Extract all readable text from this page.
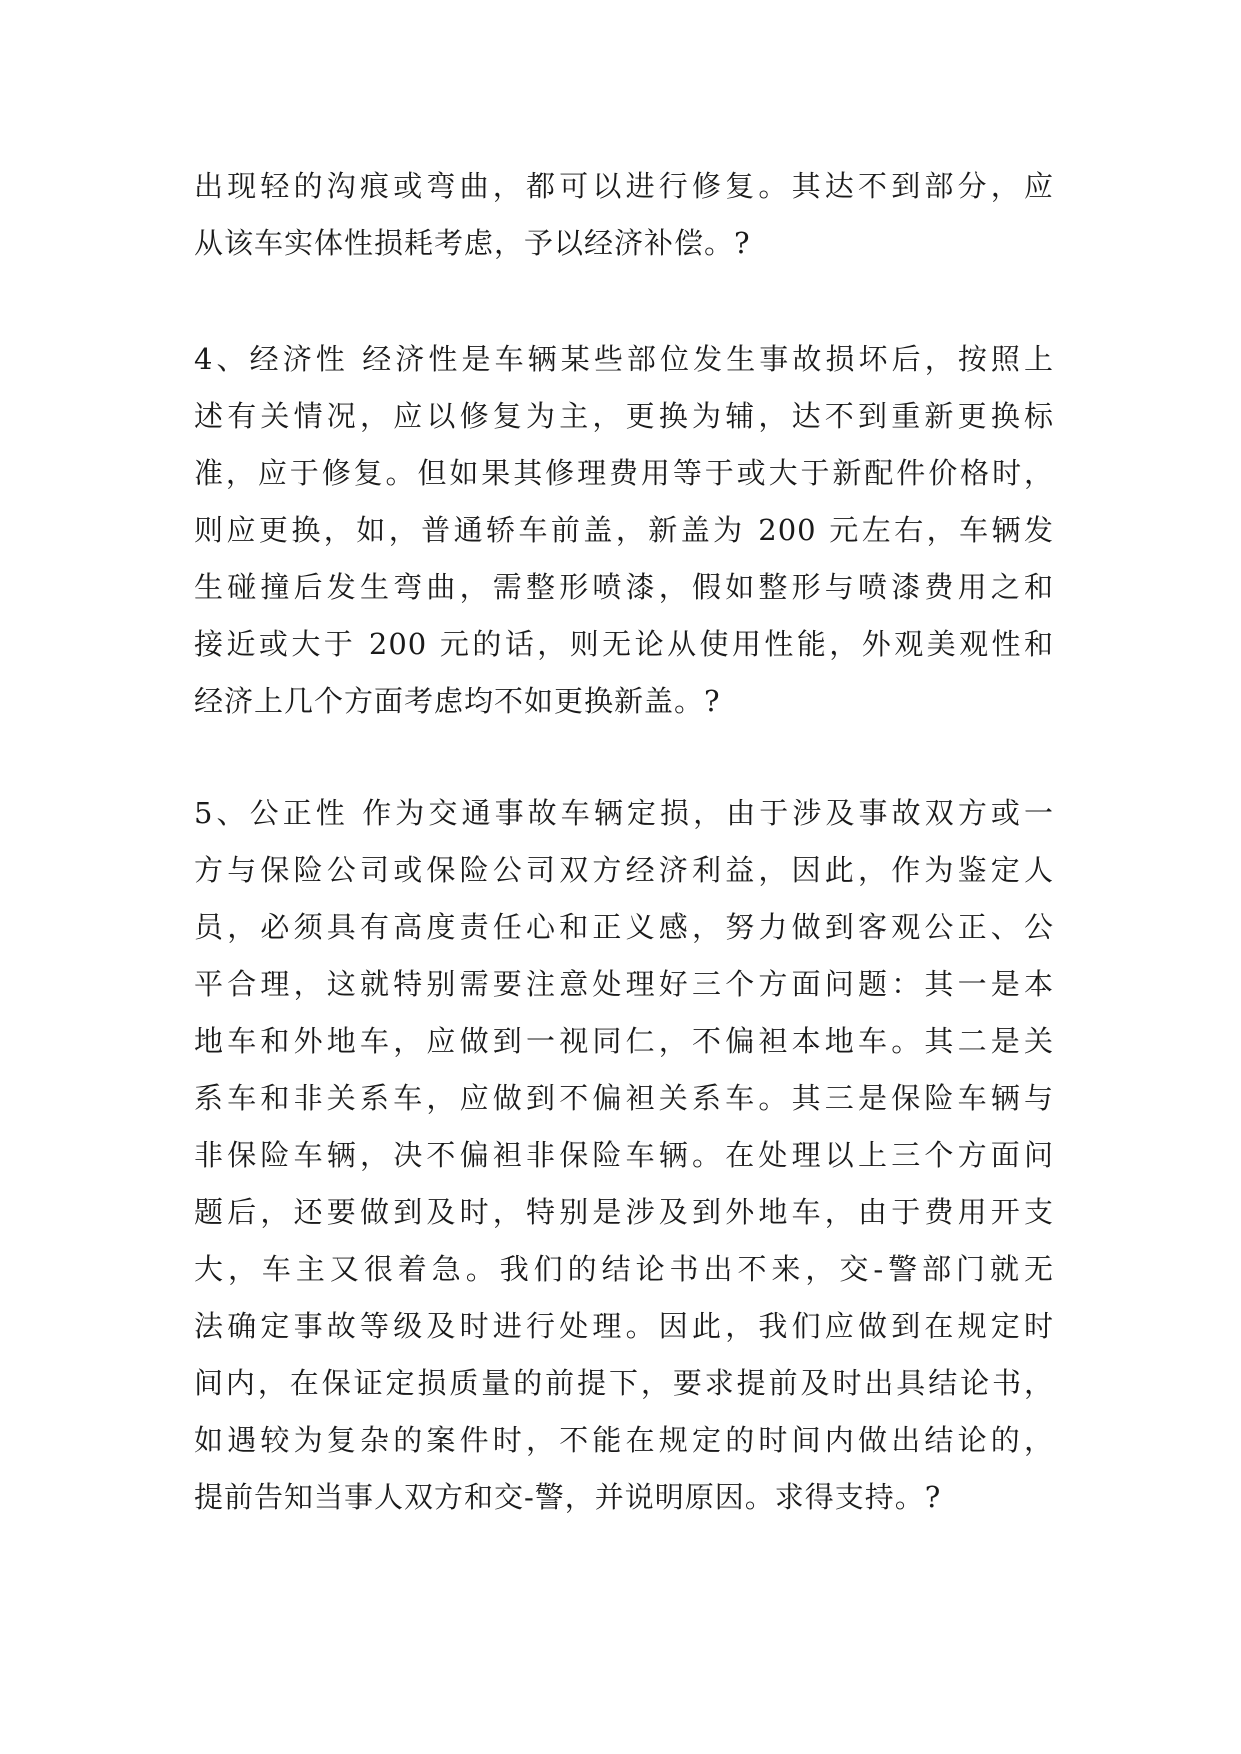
出现轻的沟痕或弯曲，都可以进行修复。其达不到部分，应
从该车实体性损耗考虑，予以经济补偿。?
4、经济性 经济性是车辆某些部位发生事故损坏后，按照上
述有关情况，应以修复为主，更换为辅，达不到重新更换标
准，应于修复。但如果其修理费用等于或大于新配件价格时，
则应更换，如，普通轿车前盖，新盖为 200 元左右，车辆发
生碰撞后发生弯曲，需整形喷漆，假如整形与喷漆费用之和
接近或大于 200 元的话，则无论从使用性能，外观美观性和
经济上几个方面考虑均不如更换新盖。?
5、公正性 作为交通事故车辆定损，由于涉及事故双方或一
方与保险公司或保险公司双方经济利益，因此，作为鉴定人
员，必须具有高度责任心和正义感，努力做到客观公正、公
平合理，这就特别需要注意处理好三个方面问题：其一是本
地车和外地车，应做到一视同仁，不偏袒本地车。其二是关
系车和非关系车，应做到不偏袒关系车。其三是保险车辆与
非保险车辆，决不偏袒非保险车辆。在处理以上三个方面问
题后，还要做到及时，特别是涉及到外地车，由于费用开支
大，车主又很着急。我们的结论书出不来，交-警部门就无
法确定事故等级及时进行处理。因此，我们应做到在规定时
间内，在保证定损质量的前提下，要求提前及时出具结论书，
如遇较为复杂的案件时，不能在规定的时间内做出结论的，
提前告知当事人双方和交-警，并说明原因。求得支持。?
